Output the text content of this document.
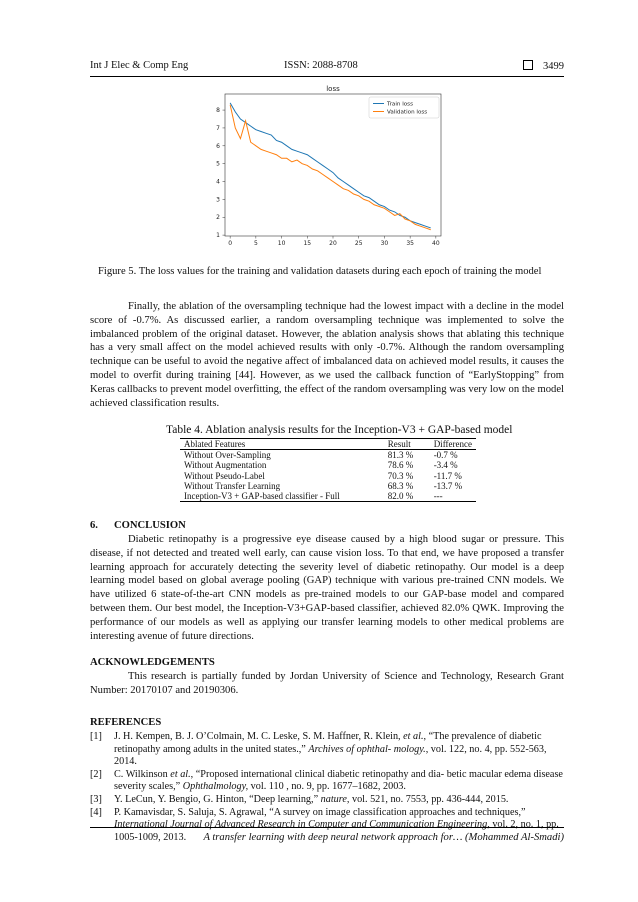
Int J Elec & Comp Eng	ISSN: 2088-8708	3499
loss
0	5	10	15	20	25	30	35	40
1
2
3
4
5
6
7
8
Train loss
Validation loss
Figure 5. The loss values for the training and validation datasets during each epoch of training the model

Finally, the ablation of the oversampling technique had the lowest impact with a decline in the model score of -0.7%. As discussed earlier, a random oversampling technique was implemented to solve the imbalanced problem of the original dataset. However, the ablation analysis shows that ablating this technique has a very small affect on the model achieved results with only -0.7%. Although the random oversampling technique can be useful to avoid the negative affect of imbalanced data on achieved model results, it causes the model to overfit during training [44]. However, as we used the callback function of “EarlyStopping” from Keras callbacks to prevent model overfitting, the effect of the random oversampling was very low on the model achieved classification results.

Table 4. Ablation analysis results for the Inception-V3 + GAP-based model
Ablated Features	Result	Difference
Without Over-Sampling	81.3 %	-0.7 %
Without Augmentation	78.6 %	-3.4 %
Without Pseudo-Label	70.3 %	-11.7 %
Without Transfer Learning	68.3 %	-13.7 %
Inception-V3 + GAP-based classifier - Full	82.0 %	---
6. CONCLUSION

Diabetic retinopathy is a progressive eye disease caused by a high blood sugar or pressure. This disease, if not detected and treated well early, can cause vision loss. To that end, we have proposed a transfer learning approach for accurately detecting the severity level of diabetic retinopathy. Our model is a deep learning model based on global average pooling (GAP) technique with various pre-trained CNN models. We have utilized 6 state-of-the-art CNN models as pre-trained models to our GAP-base model and compared between them. Our best model, the Inception-V3+GAP-based classifier, achieved 82.0% QWK. Improving the performance of our models as well as applying our transfer learning models to other medical problems are interesting avenue of future directions.

ACKNOWLEDGEMENTS

This research is partially funded by Jordan University of Science and Technology, Research Grant Number: 20170107 and 20190306.

REFERENCES

[1] J. H. Kempen, B. J. O’Colmain, M. C. Leske, S. M. Haffner, R. Klein, et al., “The prevalence of diabetic retinopathy among adults in the united states.,” Archives of ophthal- mology., vol. 122, no. 4, pp. 552-563, 2014.

[2] C. Wilkinson et al., “Proposed international clinical diabetic retinopathy and dia- betic macular edema disease severity scales,” Ophthalmology, vol. 110 , no. 9, pp. 1677–1682, 2003.

[3] Y. LeCun, Y. Bengio, G. Hinton, “Deep learning,” nature, vol. 521, no. 7553, pp. 436-444, 2015.

[4] P. Kamavisdar, S. Saluja, S. Agrawal, “A survey on image classification approaches and techniques,” International Journal of Advanced Research in Computer and Communication Engineering, vol. 2, no. 1, pp. 1005-1009, 2013.	A transfer learning with deep neural network approach for… (Mohammed Al-Smadi)
